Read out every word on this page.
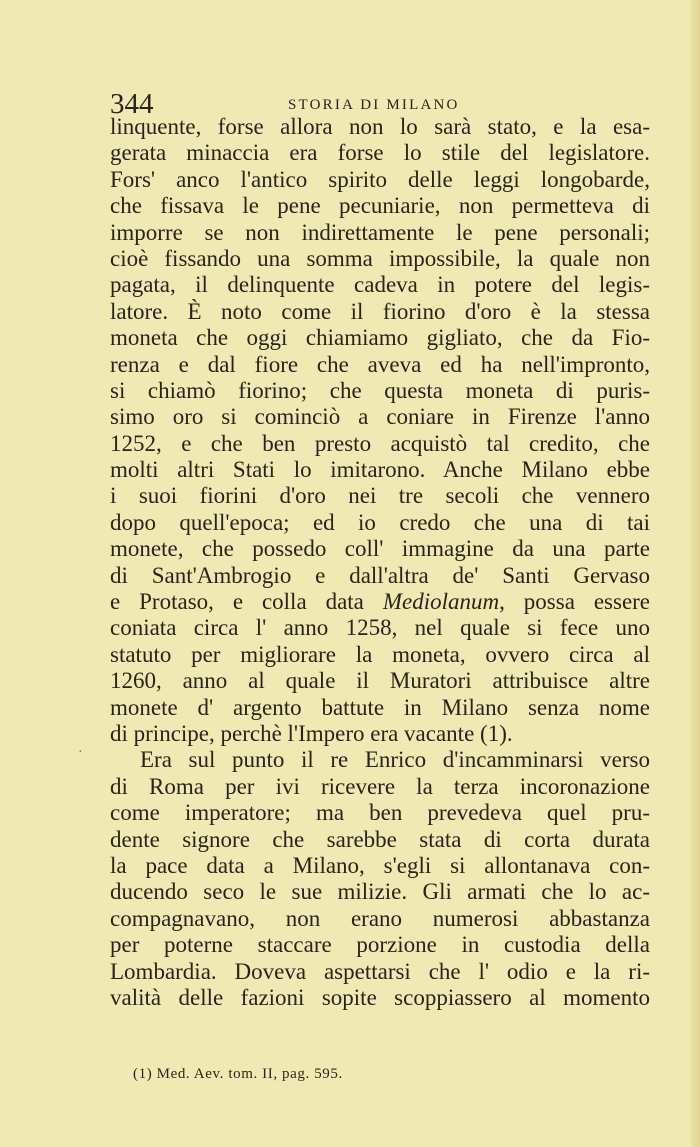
344	STORIA DI MILANO
·
linquente, forse allora non lo sarà stato, e la esa-
gerata minaccia era forse lo stile del legislatore.
Fors' anco l'antico spirito delle leggi longobarde,
che fissava le pene pecuniarie, non permetteva di
imporre se non indirettamente le pene personali;
cioè fissando una somma impossibile, la quale non
pagata, il delinquente cadeva in potere del legis-
latore. È noto come il fiorino d'oro è la stessa
moneta che oggi chiamiamo gigliato, che da Fio-
renza e dal fiore che aveva ed ha nell'impronto,
si chiamò fiorino; che questa moneta di puris-
simo oro si cominciò a coniare in Firenze l'anno
1252, e che ben presto acquistò tal credito, che
molti altri Stati lo imitarono. Anche Milano ebbe
i suoi fiorini d'oro nei tre secoli che vennero
dopo quell'epoca; ed io credo che una di tai
monete, che possedo coll' immagine da una parte
di Sant'Ambrogio e dall'altra de' Santi Gervaso
e Protaso, e colla data Mediolanum, possa essere
coniata circa l' anno 1258, nel quale si fece uno
statuto per migliorare la moneta, ovvero circa al
1260, anno al quale il Muratori attribuisce altre
monete d' argento battute in Milano senza nome
di principe, perchè l'Impero era vacante (1).
Era sul punto il re Enrico d'incamminarsi verso
di Roma per ivi ricevere la terza incoronazione
come imperatore; ma ben prevedeva quel pru-
dente signore che sarebbe stata di corta durata
la pace data a Milano, s'egli si allontanava con-
ducendo seco le sue milizie. Gli armati che lo ac-
compagnavano, non erano numerosi abbastanza
per poterne staccare porzione in custodia della
Lombardia. Doveva aspettarsi che l' odio e la ri-
valità delle fazioni sopite scoppiassero al momento
(1) Med. Aev. tom. II, pag. 595.
